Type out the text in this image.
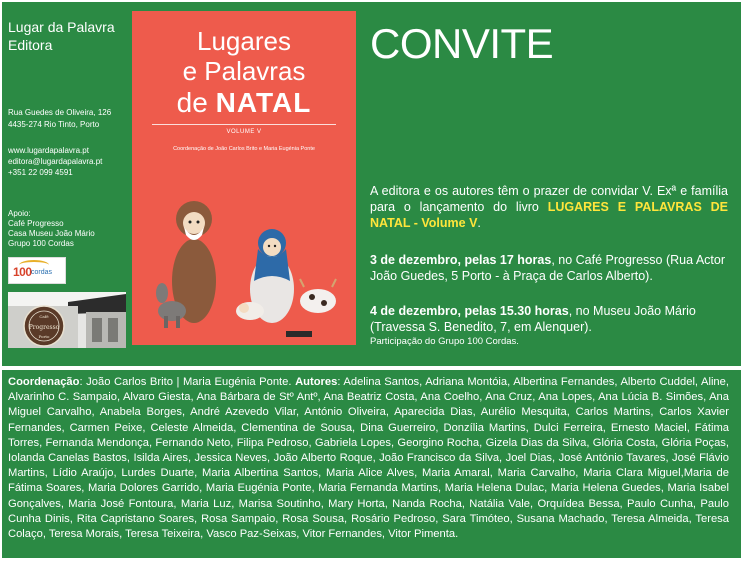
Lugar da Palavra
Editora
Rua Guedes de Oliveira, 126
4435-274 Rio Tinto, Porto
www.lugardapalavra.pt
editora@lugardapalavra.pt
+351 22 099 4591
Apoio:
Café Progresso
Casa Museu João Mário
Grupo 100 Cordas
100 cordas
Progresso
Café
Porto
Lugares
e Palavras
de NATAL
VOLUME V
Coordenação de João Carlos Brito e Maria Eugénia Ponte
CONVITE
A editora e os autores têm o prazer de convidar V. Exª e família para o lançamento do livro LUGARES E PALAVRAS DE NATAL - Volume V.
3 de dezembro, pelas 17 horas, no Café Progresso (Rua Actor João Guedes, 5 Porto - à Praça de Carlos Alberto).
4 de dezembro, pelas 15.30 horas, no Museu João Mário (Travessa S. Benedito, 7, em Alenquer).
Participação do Grupo 100 Cordas.
Coordenação: João Carlos Brito | Maria Eugénia Ponte. Autores: Adelina Santos, Adriana Montóia, Albertina Fernandes, Alberto Cuddel, Aline, Alvarinho C. Sampaio, Alvaro Giesta, Ana Bárbara de Stº Antº, Ana Beatriz Costa, Ana Coelho, Ana Cruz, Ana Lopes, Ana Lúcia B. Simões, Ana Miguel Carvalho, Anabela Borges, André Azevedo Vilar, António Oliveira, Aparecida Dias, Aurélio Mesquita, Carlos Martins, Carlos Xavier Fernandes, Carmen Peixe, Celeste Almeida, Clementina de Sousa, Dina Guerreiro, Donzília Martins, Dulci Ferreira, Ernesto Maciel, Fátima Torres, Fernanda Mendonça, Fernando Neto, Filipa Pedroso, Gabriela Lopes, Georgino Rocha, Gizela Dias da Silva, Glória Costa, Glória Poças, Iolanda Canelas Bastos, Isilda Aires, Jessica Neves, João Alberto Roque, João Francisco da Silva, Joel Dias, José António Tavares, José Flávio Martins, Lídio Araújo, Lurdes Duarte, Maria Albertina Santos, Maria Alice Alves, Maria Amaral, Maria Carvalho, Maria Clara Miguel,Maria de Fátima Soares, Maria Dolores Garrido, Maria Eugénia Ponte, Maria Fernanda Martins, Maria Helena Dulac, Maria Helena Guedes, Maria Isabel Gonçalves, Maria José Fontoura, Maria Luz, Marisa Soutinho, Mary Horta, Nanda Rocha, Natália Vale, Orquídea Bessa, Paulo Cunha, Paulo Cunha Dinis, Rita Capristano Soares, Rosa Sampaio, Rosa Sousa, Rosário Pedroso, Sara Timóteo, Susana Machado, Teresa Almeida, Teresa Colaço, Teresa Morais, Teresa Teixeira, Vasco Paz-Seixas, Vitor Fernandes, Vitor Pimenta.
